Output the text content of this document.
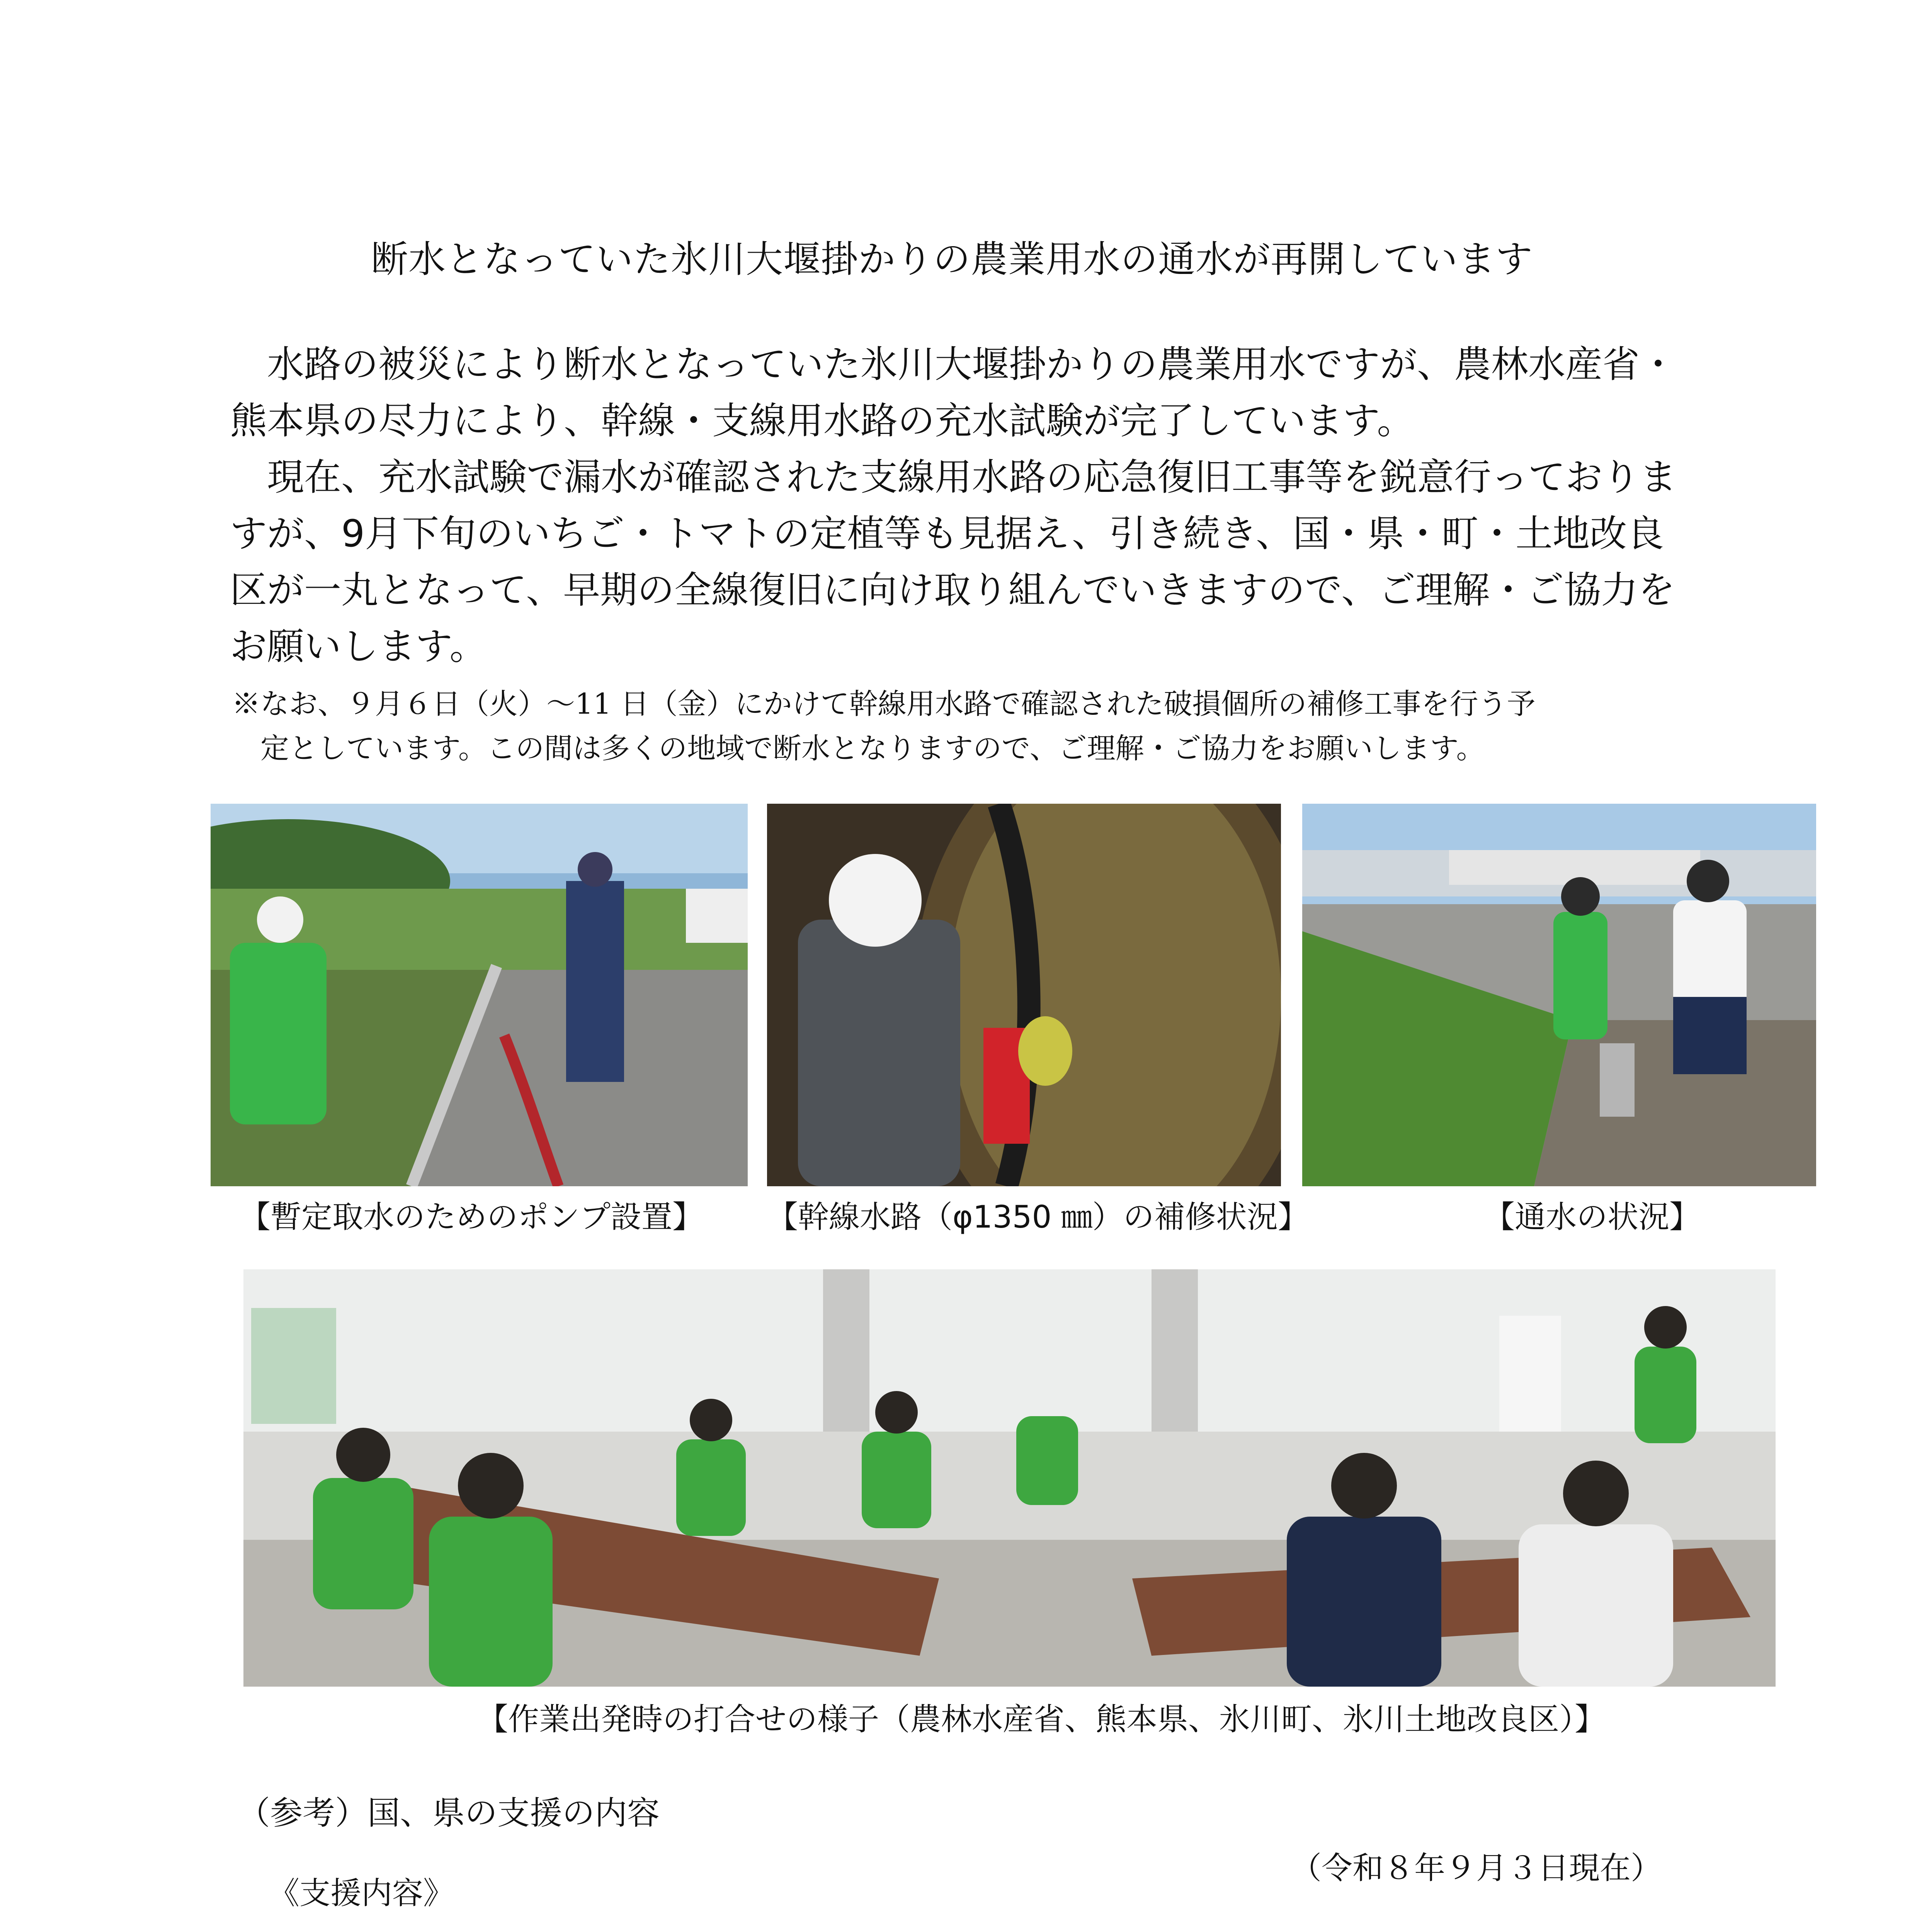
断水となっていた氷川大堰掛かりの農業用水の通水が再開しています

水路の被災により断水となっていた氷川大堰掛かりの農業用水ですが、農林水産省・熊本県の尽力により、幹線・支線用水路の充水試験が完了しています。

現在、充水試験で漏水が確認された支線用水路の応急復旧工事等を鋭意行っておりますが、9月下旬のいちご・トマトの定植等も見据え、引き続き、国・県・町・土地改良区が一丸となって、早期の全線復旧に向け取り組んでいきますので、ご理解・ご協力をお願いします。

※なお、９月６日（火）～11 日（金）にかけて幹線用水路で確認された破損個所の補修工事を行う予
定としています。この間は多くの地域で断水となりますので、ご理解・ご協力をお願いします。
【暫定取水のためのポンプ設置】 【幹線水路（φ1350 ㎜）の補修状況】	【通水の状況】
【作業出発時の打合せの様子（農林水産省、熊本県、氷川町、氷川土地改良区）】
（参考）国、県の支援の内容
（令和８年９月３日現在）
《支援内容》
